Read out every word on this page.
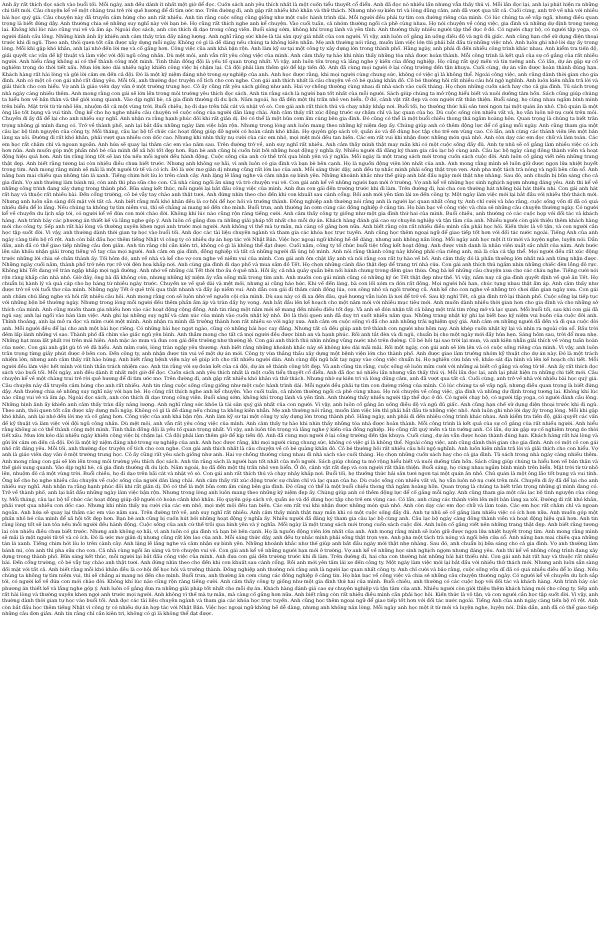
Anh ấy rất thích đọc sách vào buổi tối. Mỗi ngày, anh đều dành ít nhất một giờ để đọc. Cuốn sách anh yêu thích nhất là một cuốn tiểu thuyết cổ điển. Anh đã đọc nó nhiều lần nhưng vẫn thấy thú vị. Mỗi lần đọc lại, anh lại phát hiện ra những chi tiết mới. Câu chuyện kể về một chàng trai trẻ rời quê hương để đi tìm ước mơ. Trên đường đi, anh gặp rất nhiều khó khăn và thử thách. Nhưng nhờ sự kiên trì và lòng dũng cảm, anh đã vượt qua tất cả. Cuối cùng, anh trở về nhà với nhiều bài học quý giá. Câu chuyện này đã truyền cảm hứng cho anh rất nhiều. Anh tin rằng cuộc sống cũng giống như một cuộc hành trình dài. Mỗi người đều phải tự tìm con đường riêng của mình. Có lúc chúng ta sẽ vấp ngã, nhưng điều quan trọng là biết đứng dậy. Anh thường chia sẻ những suy nghĩ này với bạn bè. Họ cũng rất thích nghe anh kể chuyện. Vào cuối tuần, cả nhóm thường ngồi cà phê cùng nhau. Họ nói chuyện về công việc, gia đình và những dự định trong tương lai. Không khí lúc nào cũng vui vẻ và ấm áp. Ngoài đọc sách, anh còn thích đi dạo trong công viên. Buổi sáng sớm, không khí trong lành và yên tĩnh. Anh thường thấy nhiều người tập thể dục ở đó. Có người chạy bộ, có người tập yoga, có người đánh cầu lông. Những hình ảnh ấy khiến anh cảm thấy tràn đầy năng lượng. Anh nghĩ rằng sức khỏe là tài sản quý giá nhất của con người. Vì vậy, anh luôn cố gắng ăn uống điều độ và ngủ đủ giấc. Anh cũng hạn chế sử dụng điện thoại trước khi đi ngủ. Theo anh, thói quen tốt cần được xây dựng mỗi ngày. Không có gì là dễ dàng nếu chúng ta không kiên nhẫn. Mẹ anh thường nói rằng, muốn làm việc lớn thì phải bắt đầu từ những việc nhỏ. Anh luôn ghi nhớ lời dạy ấy trong lòng. Mỗi khi gặp khó khăn, anh lại nhớ đến lời mẹ và cố gắng hơn. Công việc của anh khá bận rộn. Anh làm kỹ sư tại một công ty xây dựng lớn trong thành phố. Hằng ngày, anh phải đi đến nhiều công trình khác nhau. Anh kiểm tra tiến độ, giải quyết các vấn đề kỹ thuật và làm việc với đội ngũ công nhân. Dù mệt mỏi, anh vẫn rất yêu công việc của mình. Anh cảm thấy tự hào khi nhìn thấy những tòa nhà được hoàn thành. Mỗi công trình là kết quả của sự cố gắng của rất nhiều người. Anh hiểu rằng không ai có thể thành công một mình. Tinh thần đồng đội là yếu tố quan trọng nhất. Vì vậy, anh luôn tôn trọng và lắng nghe ý kiến của đồng nghiệp. Họ cũng rất quý mến và tin tưởng anh. Có lần, dự án gặp sự cố nghiêm trọng do thời tiết xấu. Mưa lớn kéo dài nhiều ngày khiến công việc bị chậm lại. Cả đội phải làm thêm giờ để kịp tiến độ. Anh đã cùng mọi người ở lại công trường đến tận khuya. Cuối cùng, dự án vẫn được hoàn thành đúng hạn. Khách hàng rất hài lòng và gửi lời cảm ơn đến cả đội. Đó là một kỷ niệm đáng nhớ trong sự nghiệp của anh. Anh học được rằng, khi mọi người cùng chung sức, không có việc gì là không thể. Ngoài công việc, anh cũng dành thời gian cho gia đình. Anh có một cô con gái nhỏ rất đáng yêu. Mỗi tối, anh thường đọc truyện cổ tích cho con nghe. Con gái anh thích nhất là câu chuyện về cô bé quàng khăn đỏ. Cô bé thường hỏi rất nhiều câu hỏi ngộ nghĩnh. Anh luôn kiên nhẫn trả lời và giải thích cho con hiểu. Vợ anh là giáo viên dạy văn ở một trường trung học. Cô ấy cũng rất yêu sách giống như anh. Hai vợ chồng thường cùng nhau đi nhà sách vào cuối tháng. Họ chọn những cuốn sách hay cho cả gia đình. Tủ sách trong nhà ngày càng nhiều thêm. Anh mong rằng con gái sẽ lớn lên trong môi trường yêu thích đọc sách. Anh tin rằng sách là người bạn tốt nhất của mỗi người. Sách giúp chúng ta mở rộng hiểu biết và nuôi dưỡng tâm hồn. Sách cũng giúp chúng ta hiểu hơn về bản thân và thế giới xung quanh. Vào dịp nghỉ hè, cả gia đình thường đi du lịch. Năm ngoái, họ đã đến một thị trấn nhỏ ven biển. Ở đó, cảnh vật rất đẹp và con người rất thân thiện. Buổi sáng, họ cùng nhau ngắm bình minh trên biển. Mặt trời từ từ nhô lên, nhuộm đỏ cả một vùng trời. Buổi chiều, họ đi dạo trên bãi cát và nhặt vỏ sò. Con gái anh rất thích thú và chạy nhảy khắp nơi. Buổi tối, họ thưởng thức hải sản tươi ngon tại một quán ăn nhỏ. Chủ quán là một ông lão tốt bụng và vui tính. Ông kể cho họ nghe nhiều câu chuyện về cuộc sống của người dân làng chài. Anh cảm thấy rất xúc động trước sự chăm chỉ và lạc quan của họ. Dù cuộc sống còn nhiều vất vả, họ vẫn luôn nở nụ cười trên môi. Chuyến đi ấy đã để lại cho anh nhiều suy nghĩ. Anh nhận ra rằng hạnh phúc đôi khi rất giản dị. Đó có thể là một bữa cơm ấm cúng bên gia đình. Đó cũng có thể là một buổi chiều thong thả ngắm hoàng hôn. Quan trọng là chúng ta biết trân trọng những gì mình đang có. Trở về thành phố, anh lại bắt đầu những ngày làm việc bận rộn. Nhưng trong lòng anh luôn mang theo những kỷ niệm đẹp ấy. Chúng giúp anh có thêm động lực để cố gắng mỗi ngày. Anh cũng tham gia một câu lạc bộ tình nguyện của công ty. Mỗi tháng, câu lạc bộ tổ chức các hoạt động giúp đỡ người có hoàn cảnh khó khăn. Họ quyên góp sách vở, quần áo và đồ dùng học tập cho trẻ em vùng cao. Có lần, anh cùng các thành viên lên một bản làng xa xôi. Đường đi rất khó khăn, phải vượt qua nhiều con dốc cao. Nhưng khi nhìn thấy nụ cười của các em nhỏ, mọi mệt mỏi đều tan biến. Các em rất vui khi nhận được những món quà nhỏ. Anh còn dạy các em đọc chữ và làm toán. Các em học rất chăm chỉ và ngoan ngoãn. Anh hứa sẽ quay lại thăm các em vào năm sau. Trên đường trở về, anh suy nghĩ rất nhiều. Anh cảm thấy mình thật may mắn khi có một cuộc sống đầy đủ. Anh tự nhủ sẽ cố gắng làm nhiều việc có ích hơn nữa. Anh muốn góp một phần nhỏ bé của mình để xã hội tốt đẹp hơn. Bạn bè anh cũng bị cuốn hút bởi những hoạt động ý nghĩa ấy. Nhiều người đã đăng ký tham gia câu lạc bộ cùng anh. Câu lạc bộ ngày càng đông thành viên và hoạt động hiệu quả hơn. Anh tin rằng lòng tốt sẽ lan tỏa nếu mỗi người đều hành động. Cuộc sống của anh cứ thế trôi qua bình yên và ý nghĩa. Mỗi ngày là một trang sách mới trong cuốn sách cuộc đời. Anh luôn cố gắng viết nên những trang thật đẹp. Anh biết rằng tương lai còn nhiều điều chưa biết trước. Nhưng anh không sợ hãi, vì anh luôn có gia đình và bạn bè bên cạnh. Họ là nguồn động viên lớn nhất của anh. Anh mong rằng mình sẽ luôn giữ được ngọn lửa nhiệt huyết trong tim. Anh mong rằng mình sẽ mãi là một người tử tế và có ích. Đó là ước mơ giản dị nhưng cũng rất lớn lao của anh. Mỗi sáng thức dậy, anh đều tự nhắc mình phải sống thật trọn vẹn. Anh pha một tách trà nóng và ngồi bên cửa sổ. Ánh nắng ban mai chiếu qua những tán lá xanh. Tiếng chim hót líu lo trên cành cây. Anh lặng lẽ lắng nghe và cảm nhận sự bình yên. Những khoảnh khắc như thế giúp anh bắt đầu ngày mới thật nhẹ nhàng. Sau đó, anh chuẩn bị bữa sáng cho cả gia đình. Vợ anh thường làm bánh mì, còn anh thì pha sữa cho con. Cả nhà cùng ngồi ăn sáng và trò chuyện vui vẻ. Con gái anh kể về những người bạn mới ở trường. Vợ anh kể về những học sinh nghịch ngợm nhưng đáng yêu. Anh thì kể về những công trình đang xây dựng trong thành phố. Bữa sáng kết thúc, mỗi người lại bắt đầu công việc của mình. Anh đưa con gái đến trường trước khi đi làm. Trên đường đi, hai cha con thường hát những bài hát thiếu nhi. Con gái anh hát rất hay và thuộc rất nhiều bài. Đến cổng trường, cô bé vẫy tay chào anh thật tươi. Anh đứng nhìn theo cho đến khi con khuất sau cánh cổng. Rồi anh mới yên tâm lái xe đến công ty. Một ngày làm việc mới lại bắt đầu với nhiều thử thách mới. Nhưng anh luôn sẵn sàng đối mặt với tất cả. Anh biết rằng mỗi khó khăn đều là cơ hội để học hỏi và trưởng thành. Đồng nghiệp anh thường nói rằng anh là người lạc quan nhất công ty. Anh chỉ cười và bảo rằng, cuộc sống vốn dĩ đã có quá nhiều điều để lo lắng. Nếu chúng ta không tự tìm niềm vui, thì sẽ chẳng ai mang nó đến cho mình. Buổi trưa, anh thường ăn cơm cùng các đồng nghiệp ở căng tin. Họ bàn bạc về công việc và chia sẻ những câu chuyện thường ngày. Có người kể về chuyến du lịch sắp tới, có người kể về đứa con mới chào đời. Không khí lúc nào cũng rộn ràng tiếng cười. Anh cảm thấy công ty giống như một gia đình thứ hai của mình. Buổi chiều, anh thường có các cuộc họp với đối tác và khách hàng. Anh trình bày các phương án thiết kế và lắng nghe góp ý. Anh luôn cố gắng đưa ra những giải pháp tốt nhất cho mỗi dự án. Khách hàng đánh giá cao sự chuyên nghiệp và tận tâm của anh. Nhiều người còn giới thiệu thêm khách hàng mới cho công ty. Sếp anh rất hài lòng và thường xuyên khen ngợi anh trước mọi người. Anh không vì thế mà tự mãn, mà càng cố gắng hơn nữa. Anh biết rằng còn rất nhiều điều mình cần phải học hỏi. Kiến thức là vô tận, và con người cần học tập suốt đời. Vì vậy, anh thường dành thời gian tự học vào buổi tối. Anh đọc các tài liệu chuyên ngành và tham gia các khóa học trực tuyến. Anh cũng học thêm ngoại ngữ để giao tiếp tốt hơn với đối tác nước ngoài. Tiếng Anh của anh ngày càng tiến bộ rõ rệt. Anh còn bắt đầu học thêm tiếng Nhật vì công ty có nhiều dự án hợp tác với Nhật Bản. Việc học ngoại ngữ không hề dễ dàng, nhưng anh không nản lòng. Mỗi ngày anh học một ít từ mới và luyện nghe, luyện nói. Dần dần, anh đã có thể giao tiếp những câu đơn giản. Anh tin rằng chỉ cần kiên trì, không có gì là không thể đạt được. Cuối năm, công ty tổ chức buổi tiệc tổng kết hoạt động. Anh được vinh danh là nhân viên xuất sắc nhất của năm. Anh bước lên sân khấu nhận giải trong tiếng vỗ tay của mọi người. Anh cảm ơn gia đình, đồng nghiệp và tất cả những người đã ủng hộ mình. Anh nói rằng thành công này không phải của riêng anh, mà là của cả tập thể. Mọi người đều rất xúc động trước những lời chia sẻ chân thành ấy. Tối hôm đó, anh về nhà và kể cho vợ con nghe về niềm vui của mình. Con gái anh ôm chặt lấy anh và nói rằng con rất tự hào về bố. Anh cảm thấy đó là phần thưởng lớn nhất mà anh từng nhận được. Những ngày cuối năm, thành phố trở nên rực rỡ với đèn hoa khắp nơi. Anh cùng gia đình đi dạo phố và mua sắm đồ Tết. Họ chọn những cành đào thật đẹp để trang trí nhà cửa. Con gái anh thích thú ngắm nhìn những chiếc đèn lồng đỏ rực. Không khí Tết đang về tràn ngập khắp mọi ngả đường. Anh nhớ về những cái Tết thời thơ ấu ở quê nhà. Hồi ấy, cả nhà quây quần bên nồi bánh chưng trong đêm giao thừa. Ông bà kể những câu chuyện xưa cho các cháu nghe. Tiếng cười nói rộn ràng khắp căn nhà nhỏ. Giờ đây, ông bà đã không còn, nhưng những kỷ niệm ấy vẫn sống mãi trong tim anh. Anh muốn con gái mình cũng có những ký ức Tết thật đẹp như thế. Vì vậy, năm nay cả gia đình quyết định về quê ăn Tết. Họ chuẩn bị hành lý và quà cáp cho họ hàng từ nhiều ngày trước. Chuyến xe về quê dài và mệt mỏi, nhưng ai cũng háo hức. Khi về đến làng, bà con lối xóm ra đón rất đông. Mọi người hỏi han, chúc tụng nhau thật ấm áp. Anh cảm thấy như được trở về với tuổi thơ của mình. Những ngày Tết ở quê trôi qua thật nhanh và đầy ắp niềm vui. Anh dẫn con gái đi thăm cánh đồng lúa, con sông nhỏ và ngôi trường cũ. Anh kể cho con nghe về những trò chơi dân gian ngày xưa. Con gái anh chăm chú lắng nghe và hỏi rất nhiều câu hỏi. Anh mong rằng con sẽ luôn nhớ về nguồn cội của mình. Dù sau này có đi xa đến đâu, quê hương vẫn luôn là nơi để trở về. Sau kỳ nghỉ Tết, cả gia đình trở lại thành phố. Cuộc sống lại tiếp tục với những bộn bề thường ngày. Nhưng trong lòng mỗi người đều thêm phần ấm áp và tràn đầy hy vọng. Anh bắt đầu lên kế hoạch cho một năm mới với nhiều mục tiêu mới. Anh muốn dành nhiều thời gian hơn cho gia đình và cho những sở thích của mình. Anh cũng muốn tham gia nhiều hơn vào các hoạt động cộng đồng. Anh tin rằng một năm mới sẽ mang đến nhiều điều tốt đẹp. Và anh sẽ đón nhận tất cả bằng một trái tim rộng mở và lạc quan. Mỗi buổi tối, sau khi con gái đã ngủ say, anh lại ngồi vào bàn làm việc. Anh ghi lại những suy nghĩ và cảm xúc của mình vào cuốn nhật ký nhỏ. Đó là thói quen anh đã duy trì suốt nhiều năm qua. Những trang nhật ký ghi lại biết bao kỷ niệm vui buồn của cuộc đời anh. Thỉnh thoảng, anh lại mở ra đọc và mỉm cười một mình. Anh nhận ra mình đã trưởng thành hơn rất nhiều so với ngày xưa. Anh cảm ơn cuộc sống vì đã cho anh những trải nghiệm quý giá. Anh cảm ơn những người đã đến và đi qua cuộc đời anh. Mỗi người đều để lại cho anh một bài học riêng. Có những bài học ngọt ngào, cũng có những bài học cay đắng. Nhưng tất cả đều giúp anh trở thành con người như hôm nay. Anh khép cuốn nhật ký lại và nhìn ra ngoài cửa sổ. Bầu trời đêm lấp lánh những vì sao. Thành phố đã chìm vào giấc ngủ yên bình. Anh thầm mong cho tất cả mọi người đều được bình an và hạnh phúc. Rồi anh tắt đèn và đi ngủ, chuẩn bị cho một ngày mới đầy hứa hẹn. Sáng hôm sau, trời đổ mưa nhẹ. Những hạt mưa lất phất rơi trên mái hiên. Anh mặc áo mưa và đưa con gái đến trường như thường lệ. Con gái anh thích thú nhìn những vũng nước nhỏ trên đường. Cô bé hỏi tại sao trời lại mưa, và anh kiên nhẫn giải thích về vòng tuần hoàn của nước. Con gái anh gật gù tỏ vẻ đã hiểu. Anh mỉm cười, lòng tràn ngập yêu thương. Anh biết rằng những khoảnh khắc này sẽ không kéo dài mãi mãi. Rồi một ngày, con gái anh sẽ lớn lên và có cuộc sống riêng của mình. Vì vậy, anh luôn trân trọng từng giây phút được ở bên con. Đến công ty, anh nhận được tin vui về một dự án mới. Công ty vừa thắng thầu xây dựng một bệnh viện lớn cho thành phố. Anh được giao làm trưởng nhóm kỹ thuật cho dự án này. Đó là một trách nhiệm lớn, nhưng anh cảm thấy rất hào hứng. Anh biết rằng bệnh viện này sẽ giúp ích cho rất nhiều người dân. Anh cùng đội ngũ bắt tay ngay vào công việc chuẩn bị. Họ nghiên cứu bản vẽ, khảo sát địa hình và lên kế hoạch chi tiết. Mỗi người đều làm việc hết mình với tinh thần trách nhiệm cao. Anh tin rằng với sự đoàn kết của cả đội, dự án sẽ thành công tốt đẹp. Và anh cũng tin rằng, cuộc sống sẽ luôn mỉm cười với những ai biết cố gắng và sống tử tế. Anh ấy rất thích đọc sách vào buổi tối. Mỗi ngày, anh đều dành ít nhất một giờ để đọc. Cuốn sách anh yêu thích nhất là một cuốn tiểu thuyết cổ điển. Anh đã đọc nó nhiều lần nhưng vẫn thấy thú vị. Mỗi lần đọc lại, anh lại phát hiện ra những chi tiết mới. Câu chuyện kể về một chàng trai trẻ rời quê hương để đi tìm ước mơ. Trên đường đi, anh gặp rất nhiều khó khăn và thử thách. Nhưng nhờ sự kiên trì và lòng dũng cảm, anh đã vượt qua tất cả. Cuối cùng, anh trở về nhà với nhiều bài học quý giá. Câu chuyện này đã truyền cảm hứng cho anh rất nhiều. Anh tin rằng cuộc sống cũng giống như một cuộc hành trình dài. Mỗi người đều phải tự tìm con đường riêng của mình. Có lúc chúng ta sẽ vấp ngã, nhưng điều quan trọng là biết đứng dậy. Anh thường chia sẻ những suy nghĩ này với bạn bè. Họ cũng rất thích nghe anh kể chuyện. Vào cuối tuần, cả nhóm thường ngồi cà phê cùng nhau. Họ nói chuyện về công việc, gia đình và những dự định trong tương lai. Không khí lúc nào cũng vui vẻ và ấm áp. Ngoài đọc sách, anh còn thích đi dạo trong công viên. Buổi sáng sớm, không khí trong lành và yên tĩnh. Anh thường thấy nhiều người tập thể dục ở đó. Có người chạy bộ, có người tập yoga, có người đánh cầu lông. Những hình ảnh ấy khiến anh cảm thấy tràn đầy năng lượng. Anh nghĩ rằng sức khỏe là tài sản quý giá nhất của con người. Vì vậy, anh luôn cố gắng ăn uống điều độ và ngủ đủ giấc. Anh cũng hạn chế sử dụng điện thoại trước khi đi ngủ. Theo anh, thói quen tốt cần được xây dựng mỗi ngày. Không có gì là dễ dàng nếu chúng ta không kiên nhẫn. Mẹ anh thường nói rằng, muốn làm việc lớn thì phải bắt đầu từ những việc nhỏ. Anh luôn ghi nhớ lời dạy ấy trong lòng. Mỗi khi gặp khó khăn, anh lại nhớ đến lời mẹ và cố gắng hơn. Công việc của anh khá bận rộn. Anh làm kỹ sư tại một công ty xây dựng lớn trong thành phố. Hằng ngày, anh phải đi đến nhiều công trình khác nhau. Anh kiểm tra tiến độ, giải quyết các vấn đề kỹ thuật và làm việc với đội ngũ công nhân. Dù mệt mỏi, anh vẫn rất yêu công việc của mình. Anh cảm thấy tự hào khi nhìn thấy những tòa nhà được hoàn thành. Mỗi công trình là kết quả của sự cố gắng của rất nhiều người. Anh hiểu rằng không ai có thể thành công một mình. Tinh thần đồng đội là yếu tố quan trọng nhất. Vì vậy, anh luôn tôn trọng và lắng nghe ý kiến của đồng nghiệp. Họ cũng rất quý mến và tin tưởng anh. Có lần, dự án gặp sự cố nghiêm trọng do thời tiết xấu. Mưa lớn kéo dài nhiều ngày khiến công việc bị chậm lại. Cả đội phải làm thêm giờ để kịp tiến độ. Anh đã cùng mọi người ở lại công trường đến tận khuya. Cuối cùng, dự án vẫn được hoàn thành đúng hạn. Khách hàng rất hài lòng và gửi lời cảm ơn đến cả đội. Đó là một kỷ niệm đáng nhớ trong sự nghiệp của anh. Anh học được rằng, khi mọi người cùng chung sức, không có việc gì là không thể. Ngoài công việc, anh cũng dành thời gian cho gia đình. Anh có một cô con gái nhỏ rất đáng yêu. Mỗi tối, anh thường đọc truyện cổ tích cho con nghe. Con gái anh thích nhất là câu chuyện về cô bé quàng khăn đỏ. Cô bé thường hỏi rất nhiều câu hỏi ngộ nghĩnh. Anh luôn kiên nhẫn trả lời và giải thích cho con hiểu. Vợ anh là giáo viên dạy văn ở một trường trung học. Cô ấy cũng rất yêu sách giống như anh. Hai vợ chồng thường cùng nhau đi nhà sách vào cuối tháng. Họ chọn những cuốn sách hay cho cả gia đình. Tủ sách trong nhà ngày càng nhiều thêm. Anh mong rằng con gái sẽ lớn lên trong môi trường yêu thích đọc sách. Anh tin rằng sách là người bạn tốt nhất của mỗi người. Sách giúp chúng ta mở rộng hiểu biết và nuôi dưỡng tâm hồn. Sách cũng giúp chúng ta hiểu hơn về bản thân và thế giới xung quanh. Vào dịp nghỉ hè, cả gia đình thường đi du lịch. Năm ngoái, họ đã đến một thị trấn nhỏ ven biển. Ở đó, cảnh vật rất đẹp và con người rất thân thiện. Buổi sáng, họ cùng nhau ngắm bình minh trên biển. Mặt trời từ từ nhô lên, nhuộm đỏ cả một vùng trời. Buổi chiều, họ đi dạo trên bãi cát và nhặt vỏ sò. Con gái anh rất thích thú và chạy nhảy khắp nơi. Buổi tối, họ thưởng thức hải sản tươi ngon tại một quán ăn nhỏ. Chủ quán là một ông lão tốt bụng và vui tính. Ông kể cho họ nghe nhiều câu chuyện về cuộc sống của người dân làng chài. Anh cảm thấy rất xúc động trước sự chăm chỉ và lạc quan của họ. Dù cuộc sống còn nhiều vất vả, họ vẫn luôn nở nụ cười trên môi. Chuyến đi ấy đã để lại cho anh nhiều suy nghĩ. Anh nhận ra rằng hạnh phúc đôi khi rất giản dị. Đó có thể là một bữa cơm ấm cúng bên gia đình. Đó cũng có thể là một buổi chiều thong thả ngắm hoàng hôn. Quan trọng là chúng ta biết trân trọng những gì mình đang có. Trở về thành phố, anh lại bắt đầu những ngày làm việc bận rộn. Nhưng trong lòng anh luôn mang theo những kỷ niệm đẹp ấy. Chúng giúp anh có thêm động lực để cố gắng mỗi ngày. Anh cũng tham gia một câu lạc bộ tình nguyện của công ty. Mỗi tháng, câu lạc bộ tổ chức các hoạt động giúp đỡ người có hoàn cảnh khó khăn. Họ quyên góp sách vở, quần áo và đồ dùng học tập cho trẻ em vùng cao. Có lần, anh cùng các thành viên lên một bản làng xa xôi. Đường đi rất khó khăn, phải vượt qua nhiều con dốc cao. Nhưng khi nhìn thấy nụ cười của các em nhỏ, mọi mệt mỏi đều tan biến. Các em rất vui khi nhận được những món quà nhỏ. Anh còn dạy các em đọc chữ và làm toán. Các em học rất chăm chỉ và ngoan ngoãn. Anh hứa sẽ quay lại thăm các em vào năm sau. Trên đường trở về, anh suy nghĩ rất nhiều. Anh cảm thấy mình thật may mắn khi có một cuộc sống đầy đủ. Anh tự nhủ sẽ cố gắng làm nhiều việc có ích hơn nữa. Anh muốn góp một phần nhỏ bé của mình để xã hội tốt đẹp hơn. Bạn bè anh cũng bị cuốn hút bởi những hoạt động ý nghĩa ấy. Nhiều người đã đăng ký tham gia câu lạc bộ cùng anh. Câu lạc bộ ngày càng đông thành viên và hoạt động hiệu quả hơn. Anh tin rằng lòng tốt sẽ lan tỏa nếu mỗi người đều hành động. Cuộc sống của anh cứ thế trôi qua bình yên và ý nghĩa. Mỗi ngày là một trang sách mới trong cuốn sách cuộc đời. Anh luôn cố gắng viết nên những trang thật đẹp. Anh biết rằng tương lai còn nhiều điều chưa biết trước. Nhưng anh không sợ hãi, vì anh luôn có gia đình và bạn bè bên cạnh. Họ là nguồn động viên lớn nhất của anh. Anh mong rằng mình sẽ luôn giữ được ngọn lửa nhiệt huyết trong tim. Anh mong rằng mình sẽ mãi là một người tử tế và có ích. Đó là ước mơ giản dị nhưng cũng rất lớn lao của anh. Mỗi sáng thức dậy, anh đều tự nhắc mình phải sống thật trọn vẹn. Anh pha một tách trà nóng và ngồi bên cửa sổ. Ánh nắng ban mai chiếu qua những tán lá xanh. Tiếng chim hót líu lo trên cành cây. Anh lặng lẽ lắng nghe và cảm nhận sự bình yên. Những khoảnh khắc như thế giúp anh bắt đầu ngày mới thật nhẹ nhàng. Sau đó, anh chuẩn bị bữa sáng cho cả gia đình. Vợ anh thường làm bánh mì, còn anh thì pha sữa cho con. Cả nhà cùng ngồi ăn sáng và trò chuyện vui vẻ. Con gái anh kể về những người bạn mới ở trường. Vợ anh kể về những học sinh nghịch ngợm nhưng đáng yêu. Anh thì kể về những công trình đang xây dựng trong thành phố. Bữa sáng kết thúc, mỗi người lại bắt đầu công việc của mình. Anh đưa con gái đến trường trước khi đi làm. Trên đường đi, hai cha con thường hát những bài hát thiếu nhi. Con gái anh hát rất hay và thuộc rất nhiều bài. Đến cổng trường, cô bé vẫy tay chào anh thật tươi. Anh đứng nhìn theo cho đến khi con khuất sau cánh cổng. Rồi anh mới yên tâm lái xe đến công ty. Một ngày làm việc mới lại bắt đầu với nhiều thử thách mới. Nhưng anh luôn sẵn sàng đối mặt với tất cả. Anh biết rằng mỗi khó khăn đều là cơ hội để học hỏi và trưởng thành. Đồng nghiệp anh thường nói rằng anh là người lạc quan nhất công ty. Anh chỉ cười và bảo rằng, cuộc sống vốn dĩ đã có quá nhiều điều để lo lắng. Nếu chúng ta không tự tìm niềm vui, thì sẽ chẳng ai mang nó đến cho mình. Buổi trưa, anh thường ăn cơm cùng các đồng nghiệp ở căng tin. Họ bàn bạc về công việc và chia sẻ những câu chuyện thường ngày. Có người kể về chuyến du lịch sắp tới, có người kể về đứa con mới chào đời. Không khí lúc nào cũng rộn ràng tiếng cười. Anh cảm thấy công ty giống như một gia đình thứ hai của mình. Buổi chiều, anh thường có các cuộc họp với đối tác và khách hàng. Anh trình bày các phương án thiết kế và lắng nghe góp ý. Anh luôn cố gắng đưa ra những giải pháp tốt nhất cho mỗi dự án. Khách hàng đánh giá cao sự chuyên nghiệp và tận tâm của anh. Nhiều người còn giới thiệu thêm khách hàng mới cho công ty. Sếp anh rất hài lòng và thường xuyên khen ngợi anh trước mọi người. Anh không vì thế mà tự mãn, mà càng cố gắng hơn nữa. Anh biết rằng còn rất nhiều điều mình cần phải học hỏi. Kiến thức là vô tận, và con người cần học tập suốt đời. Vì vậy, anh thường dành thời gian tự học vào buổi tối. Anh đọc các tài liệu chuyên ngành và tham gia các khóa học trực tuyến. Anh cũng học thêm ngoại ngữ để giao tiếp tốt hơn với đối tác nước ngoài. Tiếng Anh của anh ngày càng tiến bộ rõ rệt. Anh còn bắt đầu học thêm tiếng Nhật vì công ty có nhiều dự án hợp tác với Nhật Bản. Việc học ngoại ngữ không hề dễ dàng, nhưng anh không nản lòng. Mỗi ngày anh học một ít từ mới và luyện nghe, luyện nói. Dần dần, anh đã có thể giao tiếp những câu đơn giản. Anh tin rằng chỉ cần kiên trì, không có gì là không thể đạt được.
